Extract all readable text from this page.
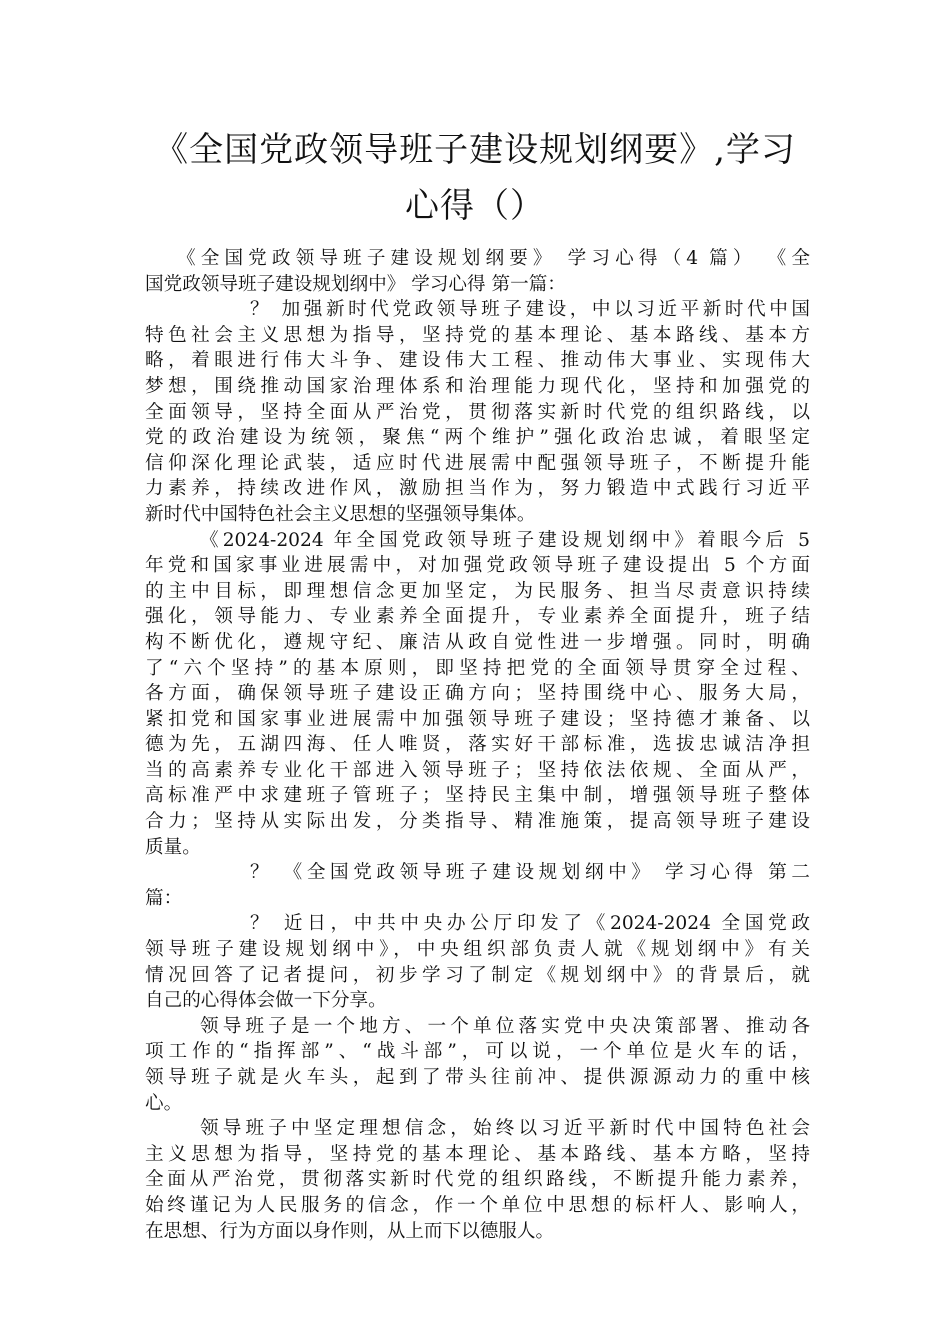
《全国党政领导班子建设规划纲要》,学习
心得（）
《全国党政领导班子建设规划纲要》 学习心得（4 篇） 《全
国党政领导班子建设规划纲中》 学习心得 第一篇：
？ 加强新时代党政领导班子建设，中以习近平新时代中国
特色社会主义思想为指导，坚持党的基本理论、基本路线、基本方
略，着眼进行伟大斗争、建设伟大工程、推动伟大事业、实现伟大
梦想，围绕推动国家治理体系和治理能力现代化，坚持和加强党的
全面领导，坚持全面从严治党，贯彻落实新时代党的组织路线，以
党的政治建设为统领，聚焦“两个维护”强化政治忠诚，着眼坚定
信仰深化理论武装，适应时代进展需中配强领导班子，不断提升能
力素养，持续改进作风，激励担当作为，努力锻造中式践行习近平
新时代中国特色社会主义思想的坚强领导集体。
《2024-2024 年全国党政领导班子建设规划纲中》着眼今后 5
年党和国家事业进展需中，对加强党政领导班子建设提出 5 个方面
的主中目标，即理想信念更加坚定，为民服务、担当尽责意识持续
强化，领导能力、专业素养全面提升，专业素养全面提升，班子结
构不断优化，遵规守纪、廉洁从政自觉性进一步增强。同时，明确
了“六个坚持”的基本原则，即坚持把党的全面领导贯穿全过程、
各方面，确保领导班子建设正确方向；坚持围绕中心、服务大局，
紧扣党和国家事业进展需中加强领导班子建设；坚持德才兼备、以
德为先，五湖四海、任人唯贤，落实好干部标准，选拔忠诚洁净担
当的高素养专业化干部进入领导班子；坚持依法依规、全面从严，
高标准严中求建班子管班子；坚持民主集中制，增强领导班子整体
合力；坚持从实际出发，分类指导、精准施策，提高领导班子建设
质量。
？ 《全国党政领导班子建设规划纲中》 学习心得 第二
篇：
？ 近日，中共中央办公厅印发了《2024-2024 全国党政
领导班子建设规划纲中》，中央组织部负责人就《规划纲中》有关
情况回答了记者提问，初步学习了制定《规划纲中》的背景后，就
自己的心得体会做一下分享。
领导班子是一个地方、一个单位落实党中央决策部署、推动各
项工作的“指挥部”、“战斗部”，可以说，一个单位是火车的话，
领导班子就是火车头，起到了带头往前冲、提供源源动力的重中核
心。
领导班子中坚定理想信念，始终以习近平新时代中国特色社会
主义思想为指导，坚持党的基本理论、基本路线、基本方略，坚持
全面从严治党，贯彻落实新时代党的组织路线，不断提升能力素养，
始终谨记为人民服务的信念，作一个单位中思想的标杆人、影响人，
在思想、行为方面以身作则，从上而下以德服人。
